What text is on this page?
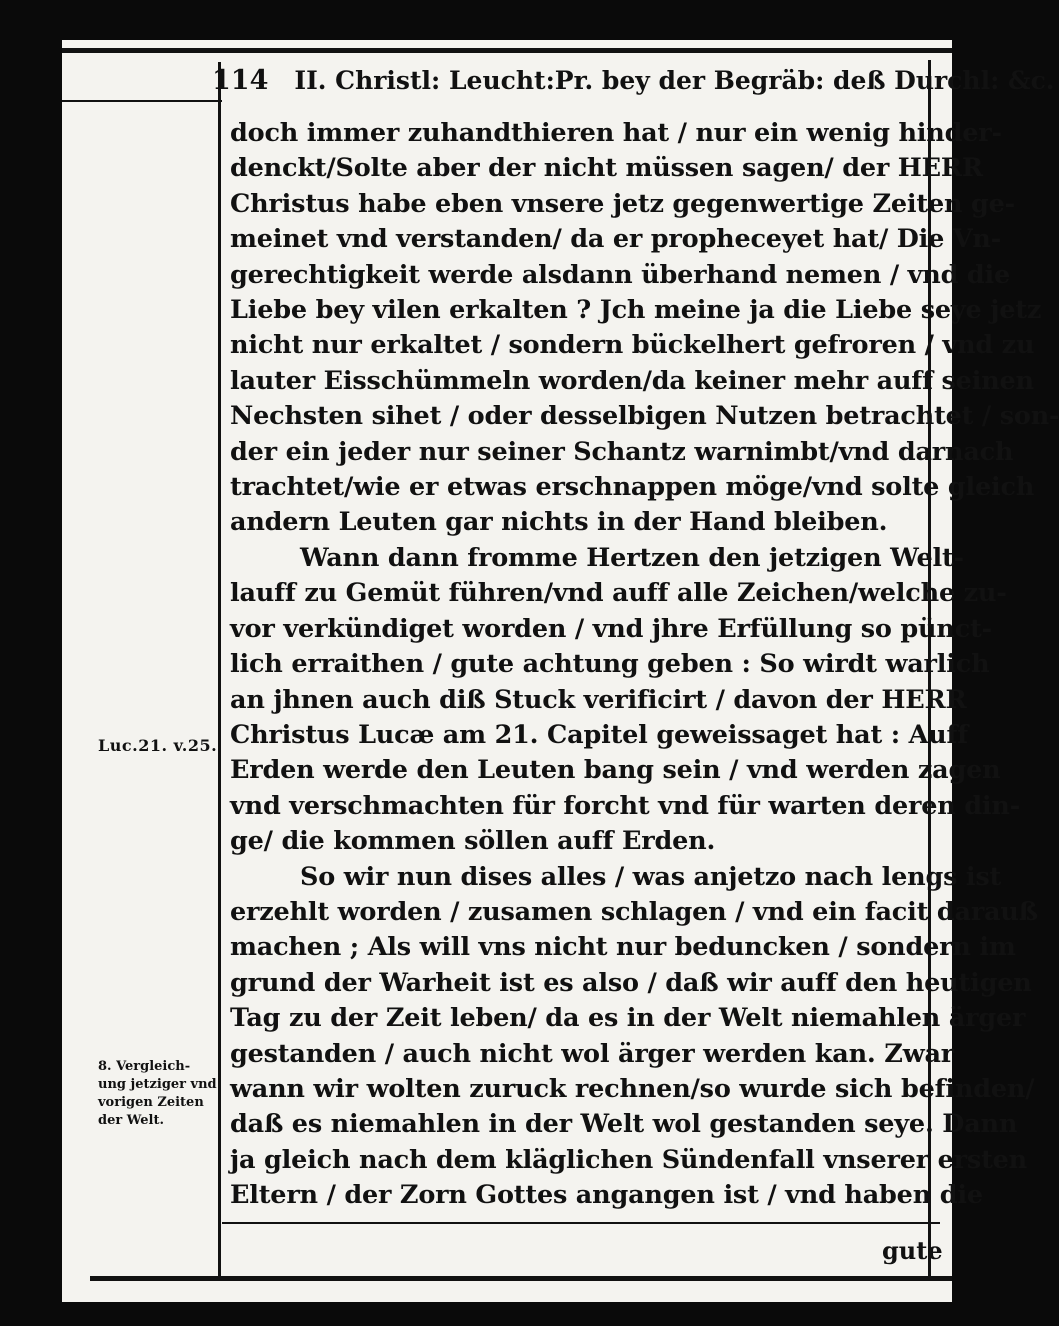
114 II. Christl: Leucht:Pr. bey der Begräb: deß Durchl: &c.
Luc.21. v.25.
8. Vergleich- ung jetziger vnd vorigen Zeiten der Welt.
doch immer zuhandthieren hat / nur ein wenig hinder-
denckt/Solte aber der nicht müssen sagen/ der HERR
Christus habe eben vnsere jetz gegenwertige Zeiten ge-
meinet vnd verstanden/ da er propheceyet hat/ Die Vn-
gerechtigkeit werde alsdann überhand nemen / vnd die
Liebe bey vilen erkalten ? Jch meine ja die Liebe seye jetz
nicht nur erkaltet / sondern bückelhert gefroren / vnd zu
lauter Eisschümmeln worden/da keiner mehr auff seinen
Nechsten sihet / oder desselbigen Nutzen betrachtet / son-
der ein jeder nur seiner Schantz warnimbt/vnd darnach
trachtet/wie er etwas erschnappen möge/vnd solte gleich
andern Leuten gar nichts in der Hand bleiben.
Wann dann fromme Hertzen den jetzigen Welt-
lauff zu Gemüt führen/vnd auff alle Zeichen/welche zu-
vor verkündiget worden / vnd jhre Erfüllung so pünct-
lich erraithen / gute achtung geben : So wirdt warlich
an jhnen auch diß Stuck verificirt / davon der HERR
Christus Lucæ am 21. Capitel geweissaget hat : Auff
Erden werde den Leuten bang sein / vnd werden zagen
vnd verschmachten für forcht vnd für warten deren din-
ge/ die kommen söllen auff Erden.
So wir nun dises alles / was anjetzo nach lengs ist
erzehlt worden / zusamen schlagen / vnd ein facit darauß
machen ; Als will vns nicht nur beduncken / sondern im
grund der Warheit ist es also / daß wir auff den heutigen
Tag zu der Zeit leben/ da es in der Welt niemahlen ärger
gestanden / auch nicht wol ärger werden kan. Zwar
wann wir wolten zuruck rechnen/so wurde sich befinden/
daß es niemahlen in der Welt wol gestanden seye. Dann
ja gleich nach dem kläglichen Sündenfall vnserer ersten
Eltern / der Zorn Gottes angangen ist / vnd haben die
gute
